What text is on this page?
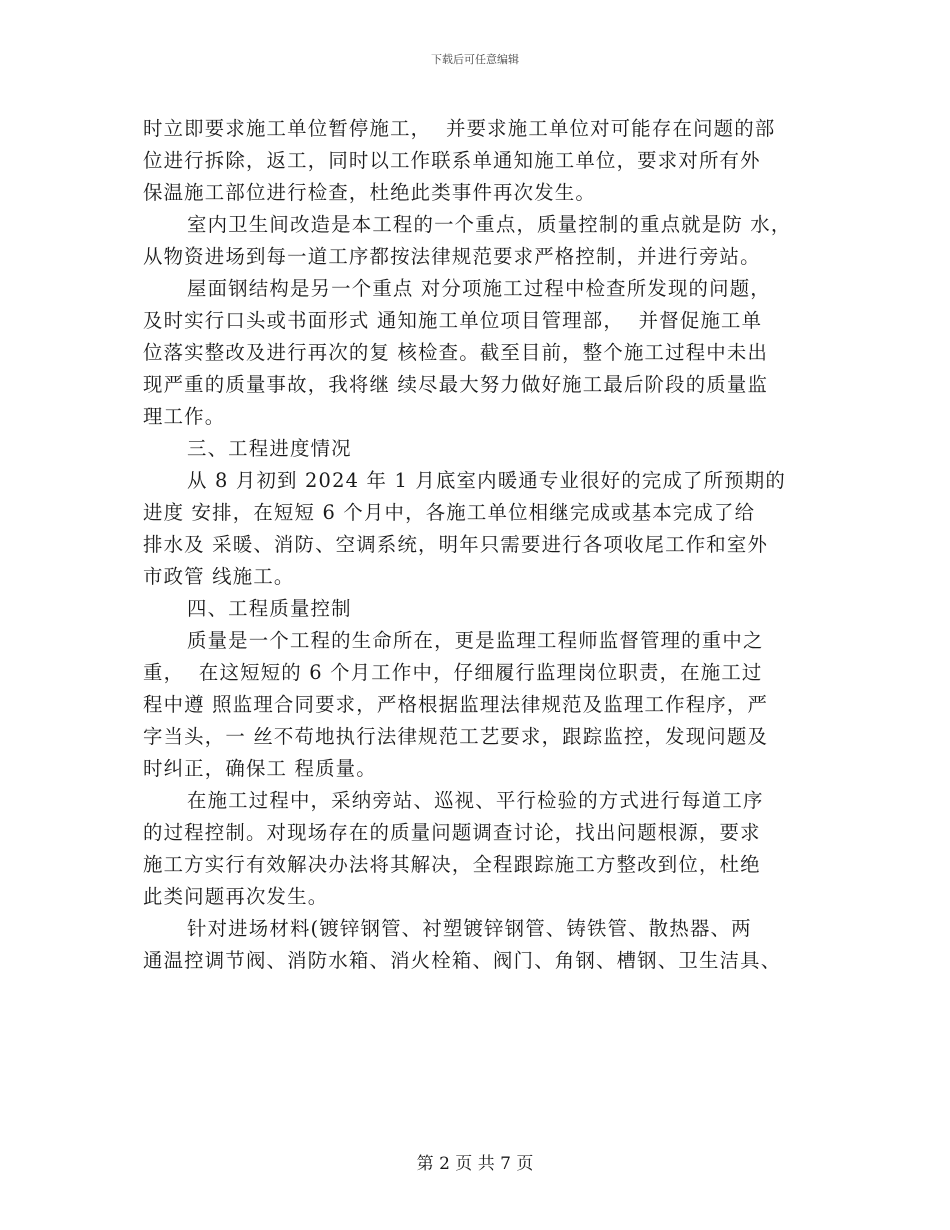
下载后可任意编辑
时立即要求施工单位暂停施工，  并要求施工单位对可能存在问题的部
位进行拆除，返工，同时以工作联系单通知施工单位，要求对所有外
保温施工部位进行检查，杜绝此类事件再次发生。
室内卫生间改造是本工程的一个重点，质量控制的重点就是防 水，
从物资进场到每一道工序都按法律规范要求严格控制，并进行旁站。
屋面钢结构是另一个重点 对分项施工过程中检查所发现的问题，
及时实行口头或书面形式 通知施工单位项目管理部，  并督促施工单
位落实整改及进行再次的复 核检查。截至目前，整个施工过程中未出
现严重的质量事故，我将继 续尽最大努力做好施工最后阶段的质量监
理工作。
三、工程进度情况
从 8 月初到 2024 年 1 月底室内暖通专业很好的完成了所预期的
进度 安排，在短短 6 个月中，各施工单位相继完成或基本完成了给
排水及 采暖、消防、空调系统，明年只需要进行各项收尾工作和室外
市政管 线施工。
四、工程质量控制
质量是一个工程的生命所在，更是监理工程师监督管理的重中之
重，  在这短短的 6 个月工作中，仔细履行监理岗位职责，在施工过
程中遵 照监理合同要求，严格根据监理法律规范及监理工作程序，严
字当头，一 丝不苟地执行法律规范工艺要求，跟踪监控，发现问题及
时纠正，确保工 程质量。
在施工过程中，采纳旁站、巡视、平行检验的方式进行每道工序
的过程控制。对现场存在的质量问题调查讨论，找出问题根源，要求
施工方实行有效解决办法将其解决，全程跟踪施工方整改到位，杜绝
此类问题再次发生。
针对进场材料(镀锌钢管、衬塑镀锌钢管、铸铁管、散热器、两
通温控调节阀、消防水箱、消火栓箱、阀门、角钢、槽钢、卫生洁具、
第 2 页 共 7 页
